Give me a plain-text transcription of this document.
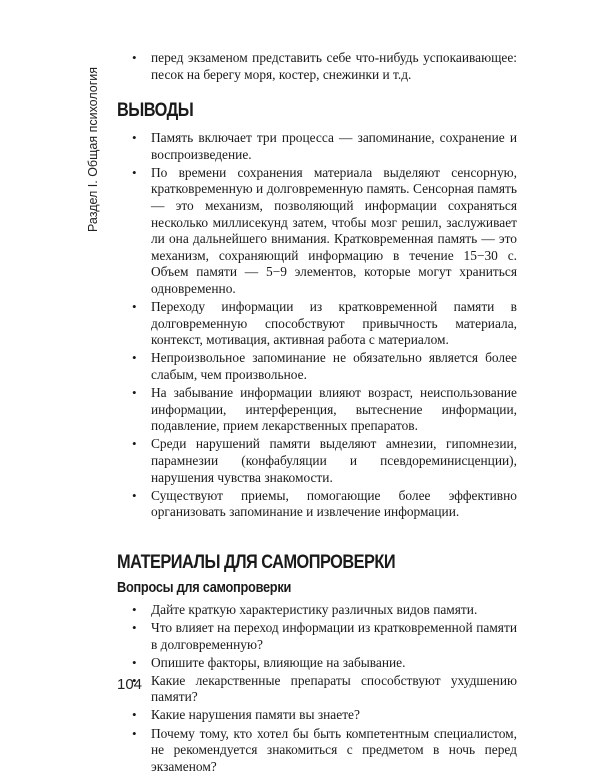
Раздел I. Общая психология
• перед экзаменом представить себе что-нибудь успокаивающее: песок на берегу моря, костер, снежинки и т.д.
ВЫВОДЫ
• Память включает три процесса — запоминание, сохранение и воспроизведение.
• По времени сохранения материала выделяют сенсорную, кратковременную и долговременную память. Сенсорная память — это механизм, позволяющий информации сохраняться несколько миллисекунд затем, чтобы мозг решил, заслуживает ли она дальнейшего внимания. Кратковременная память — это механизм, сохраняющий информацию в течение 15−30 с. Объем памяти — 5−9 элементов, которые могут храниться одновременно.
• Переходу информации из кратковременной памяти в долговременную способствуют привычность материала, контекст, мотивация, активная работа с материалом.
• Непроизвольное запоминание не обязательно является более слабым, чем произвольное.
• На забывание информации влияют возраст, неиспользование информации, интерференция, вытеснение информации, подавление, прием лекарственных препаратов.
• Среди нарушений памяти выделяют амнезии, гипомнезии, парамнезии (конфабуляции и псевдореминисценции), нарушения чувства знакомости.
• Существуют приемы, помогающие более эффективно организовать запоминание и извлечение информации.
МАТЕРИАЛЫ ДЛЯ САМОПРОВЕРКИ
Вопросы для самопроверки
• Дайте краткую характеристику различных видов памяти.
• Что влияет на переход информации из кратковременной памяти в долговременную?
• Опишите факторы, влияющие на забывание.
• Какие лекарственные препараты способствуют ухудшению памяти?
• Какие нарушения памяти вы знаете?
• Почему тому, кто хотел бы быть компетентным специалистом, не рекомендуется знакомиться с предметом в ночь перед экзаменом?
104
